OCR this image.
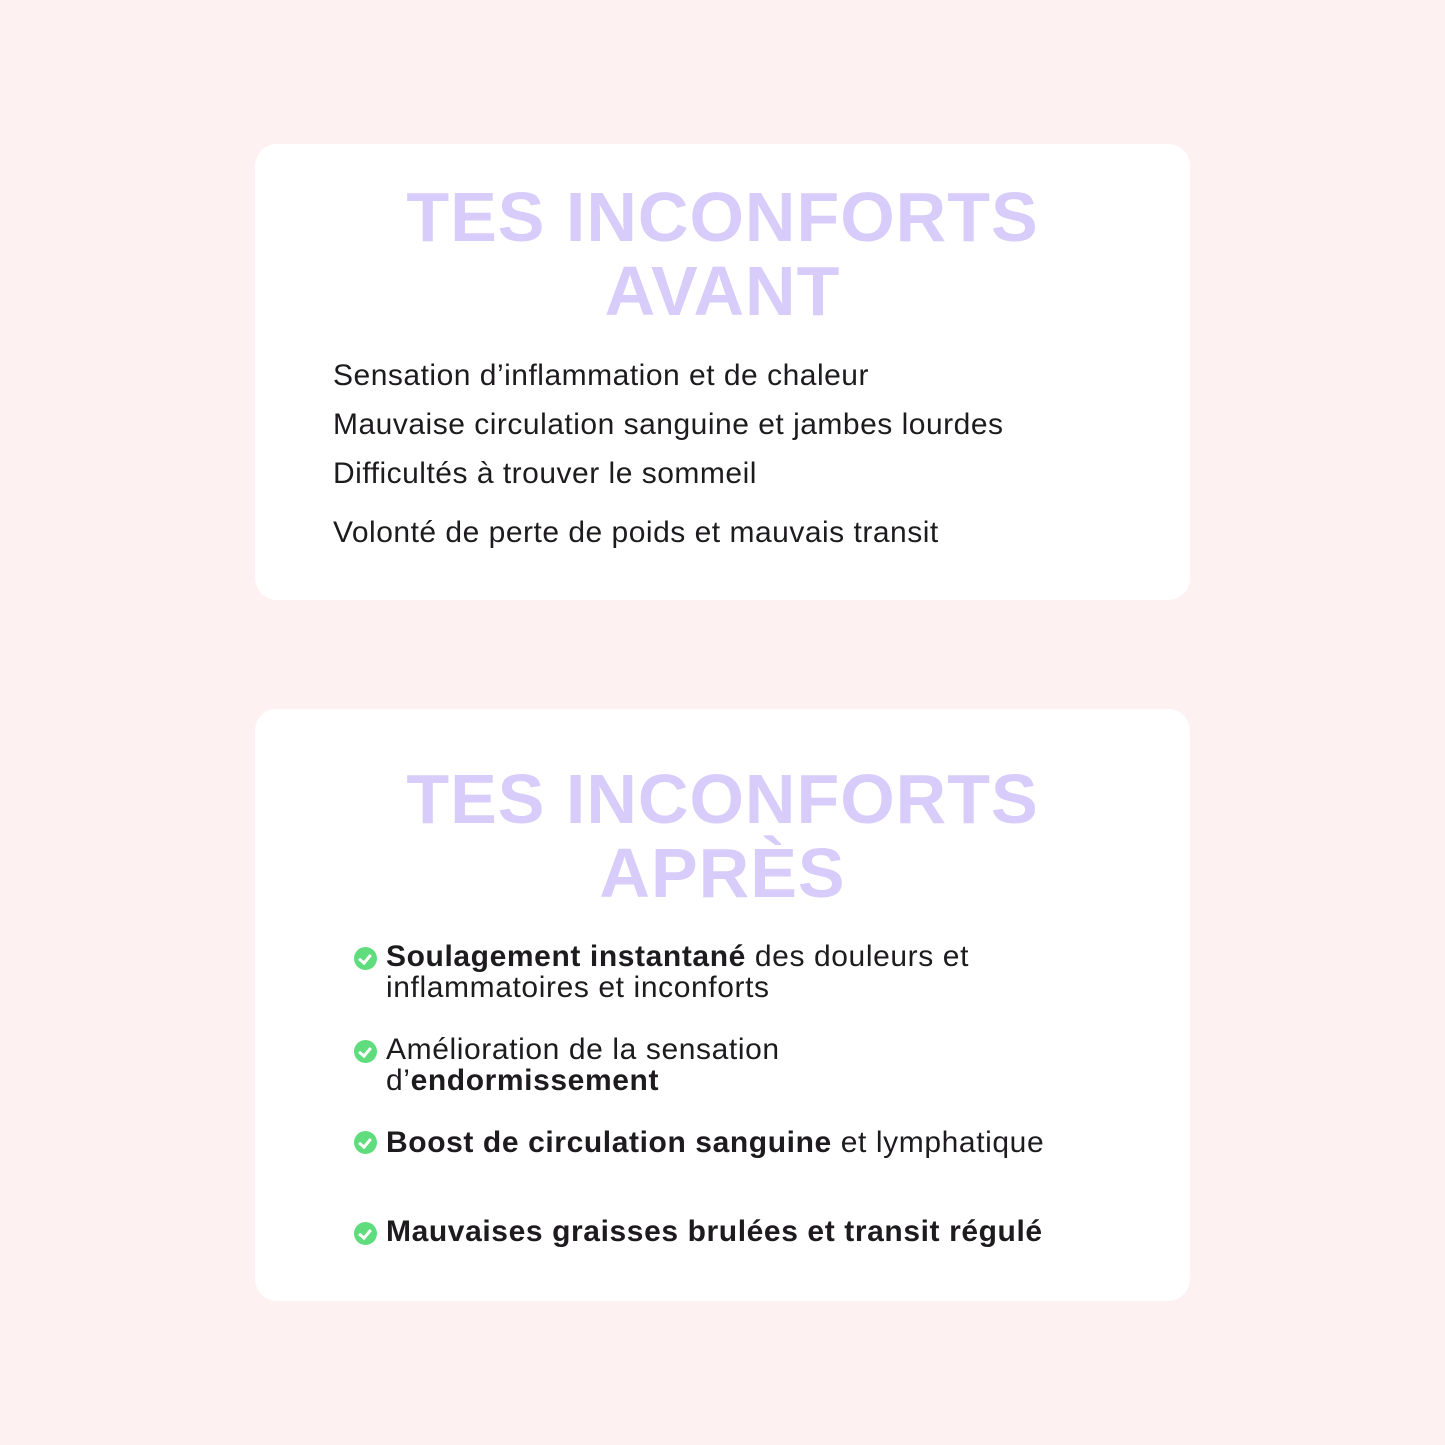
TES INCONFORTS
AVANT
Sensation d’inflammation et de chaleur
Mauvaise circulation sanguine et jambes lourdes
Difficultés à trouver le sommeil
Volonté de perte de poids et mauvais transit
TES INCONFORTS
APRÈS
Soulagement instantané des douleurs et inflammatoires et inconforts
Amélioration de la sensation d’endormissement
Boost de circulation sanguine et lymphatique
Mauvaises graisses brulées et transit régulé
